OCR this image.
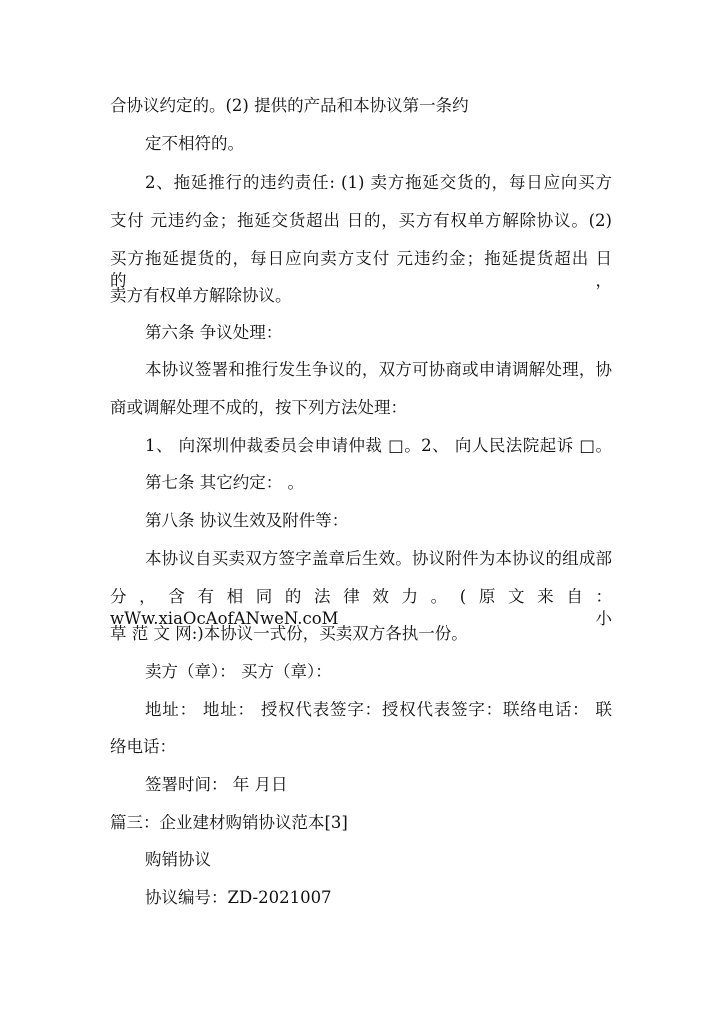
合协议约定的。(2) 提供的产品和本协议第一条约
定不相符的。
2、拖延推行的违约责任: (1) 卖方拖延交货的，每日应向买方
支付 元违约金；拖延交货超出 日的，买方有权单方解除协议。(2)
买方拖延提货的，每日应向卖方支付 元违约金；拖延提货超出 日的，
卖方有权单方解除协议。
第六条 争议处理：
本协议签署和推行发生争议的，双方可协商或申请调解处理，协
商或调解处理不成的，按下列方法处理：
1、 向深圳仲裁委员会申请仲裁 □。2、 向人民法院起诉 □。
第七条 其它约定： 。
第八条 协议生效及附件等：
本协议自买卖双方签字盖章后生效。协议附件为本协议的组成部
分，含有相同的法律效力。(原文来自：wWw.xiaOcAofANweN.coM 小
草 范 文 网:)本协议一式份，买卖双方各执一份。
卖方（章）： 买方（章）：
地址： 地址： 授权代表签字：授权代表签字：联络电话： 联
络电话：
签署时间： 年 月日
篇三：企业建材购销协议范本[3]
购销协议
协议编号：ZD-2021007
